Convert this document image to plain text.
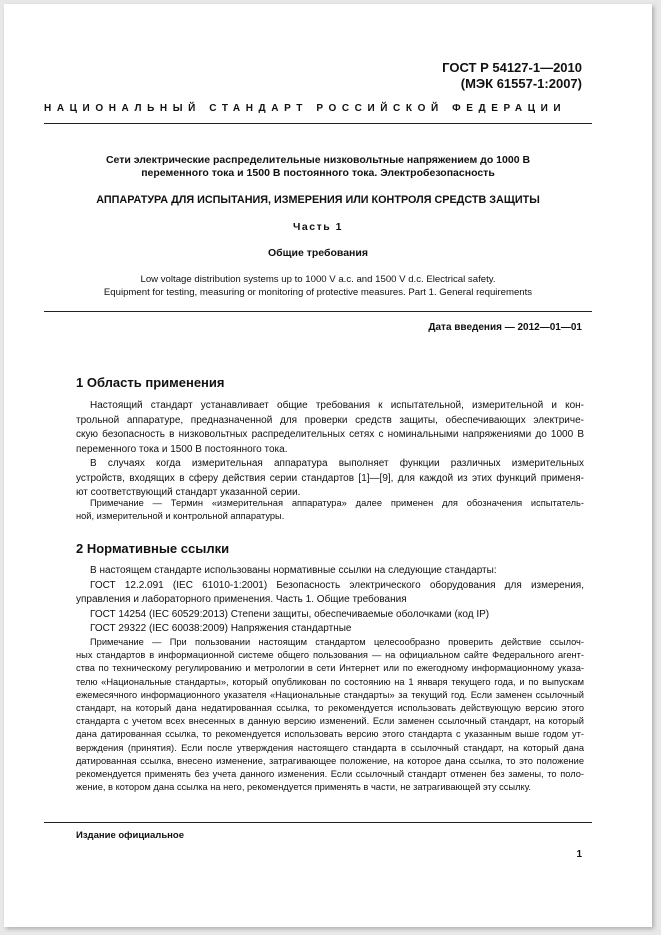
ГОСТ Р 54127-1—2010
(МЭК 61557-1:2007)
НАЦИОНАЛЬНЫЙ СТАНДАРТ РОССИЙСКОЙ ФЕДЕРАЦИИ
Сети электрические распределительные низковольтные напряжением до 1000 В
переменного тока и 1500 В постоянного тока. Электробезопасность
АППАРАТУРА ДЛЯ ИСПЫТАНИЯ, ИЗМЕРЕНИЯ ИЛИ КОНТРОЛЯ СРЕДСТВ ЗАЩИТЫ
Часть 1
Общие требования
Low voltage distribution systems up to 1000 V a.c. and 1500 V d.c. Electrical safety.
Equipment for testing, measuring or monitoring of protective measures. Part 1. General requirements
Дата введения — 2012—01—01
1 Область применения
Настоящий стандарт устанавливает общие требования к испытательной, измерительной и кон-
трольной аппаратуре, предназначенной для проверки средств защиты, обеспечивающих электриче-
скую безопасность в низковольтных распределительных сетях с номинальными напряжениями до 1000 В
переменного тока и 1500 В постоянного тока.
В случаях когда измерительная аппаратура выполняет функции различных измерительных
устройств, входящих в сферу действия серии стандартов [1]—[9], для каждой из этих функций применя-
ют соответствующий стандарт указанной серии.
Примечание — Термин «измерительная аппаратура» далее применен для обозначения испытатель-
ной, измерительной и контрольной аппаратуры.
2 Нормативные ссылки
В настоящем стандарте использованы нормативные ссылки на следующие стандарты:
ГОСТ 12.2.091 (IEC 61010-1:2001) Безопасность электрического оборудования для измерения,
управления и лабораторного применения. Часть 1. Общие требования
ГОСТ 14254 (IEC 60529:2013) Степени защиты, обеспечиваемые оболочками (код IP)
ГОСТ 29322 (IEC 60038:2009) Напряжения стандартные
Примечание — При пользовании настоящим стандартом целесообразно проверить действие ссылоч-
ных стандартов в информационной системе общего пользования — на официальном сайте Федерального агент-
ства по техническому регулированию и метрологии в сети Интернет или по ежегодному информационному указа-
телю «Национальные стандарты», который опубликован по состоянию на 1 января текущего года, и по выпускам
ежемесячного информационного указателя «Национальные стандарты» за текущий год. Если заменен ссылочный
стандарт, на который дана недатированная ссылка, то рекомендуется использовать действующую версию этого
стандарта с учетом всех внесенных в данную версию изменений. Если заменен ссылочный стандарт, на который
дана датированная ссылка, то рекомендуется использовать версию этого стандарта с указанным выше годом ут-
верждения (принятия). Если после утверждения настоящего стандарта в ссылочный стандарт, на который дана
датированная ссылка, внесено изменение, затрагивающее положение, на которое дана ссылка, то это положение
рекомендуется применять без учета данного изменения. Если ссылочный стандарт отменен без замены, то поло-
жение, в котором дана ссылка на него, рекомендуется применять в части, не затрагивающей эту ссылку.
Издание официальное
1
